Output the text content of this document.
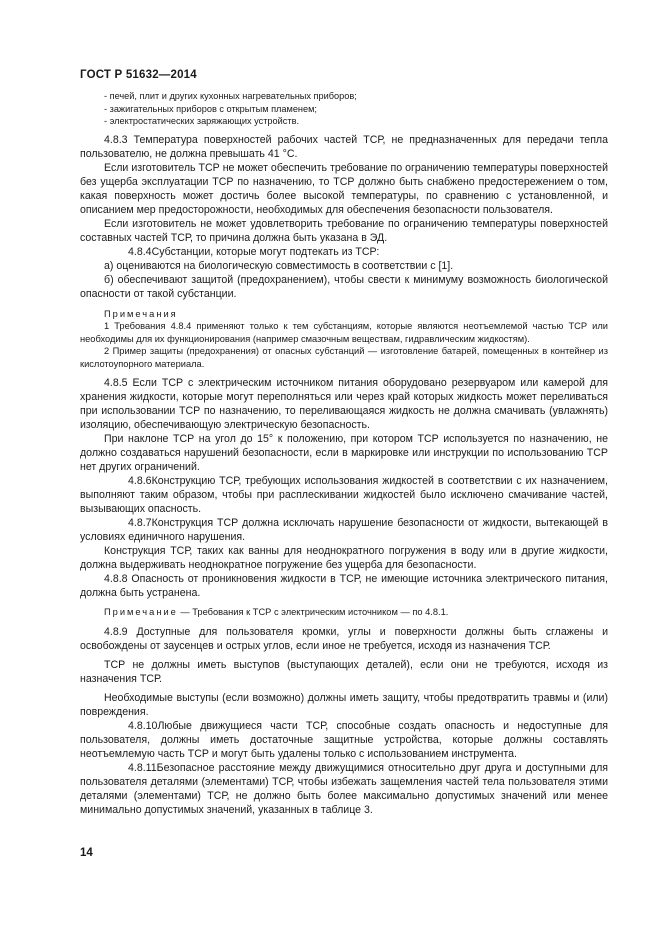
ГОСТ Р 51632—2014
- печей, плит и других кухонных нагревательных приборов;
- зажигательных приборов с открытым пламенем;
- электростатических заряжающих устройств.

4.8.3 Температура поверхностей рабочих частей ТСР, не предназначенных для передачи тепла пользователю, не должна превышать 41 °С.

Если изготовитель ТСР не может обеспечить требование по ограничению температуры поверхностей без ущерба эксплуатации ТСР по назначению, то ТСР должно быть снабжено предостережением о том, какая поверхность может достичь более высокой температуры, по сравнению с установленной, и описанием мер предосторожности, необходимых для обеспечения безопасности пользователя.

Если изготовитель не может удовлетворить требование по ограничению температуры поверхностей составных частей ТСР, то причина должна быть указана в ЭД.

4.8.4Субстанции, которые могут подтекать из ТСР:

а) оцениваются на биологическую совместимость в соответствии с [1].

б) обеспечивают защитой (предохранением), чтобы свести к минимуму возможность биологической опасности от такой субстанции.

Примечания

1 Требования 4.8.4 применяют только к тем субстанциям, которые являются неотъемлемой частью ТСР или необходимы для их функционирования (например смазочным веществам, гидравлическим жидкостям).

2 Пример защиты (предохранения) от опасных субстанций — изготовление батарей, помещенных в контейнер из кислотоупорного материала.

4.8.5 Если ТСР с электрическим источником питания оборудовано резервуаром или камерой для хранения жидкости, которые могут переполняться или через край которых жидкость может переливаться при использовании ТСР по назначению, то переливающаяся жидкость не должна смачивать (увлажнять) изоляцию, обеспечивающую электрическую безопасность.

При наклоне ТСР на угол до 15° к положению, при котором ТСР используется по назначению, не должно создаваться нарушений безопасности, если в маркировке или инструкции по использованию ТСР нет других ограничений.

4.8.6Конструкцию ТСР, требующих использования жидкостей в соответствии с их назначением, выполняют таким образом, чтобы при расплескивании жидкостей было исключено смачивание частей, вызывающих опасность.

4.8.7Конструкция ТСР должна исключать нарушение безопасности от жидкости, вытекающей в условиях единичного нарушения.

Конструкция ТСР, таких как ванны для неоднократного погружения в воду или в другие жидкости, должна выдерживать неоднократное погружение без ущерба для безопасности.

4.8.8 Опасность от проникновения жидкости в ТСР, не имеющие источника электрического питания, должна быть устранена.

Примечание — Требования к ТСР с электрическим источником — по 4.8.1.

4.8.9 Доступные для пользователя кромки, углы и поверхности должны быть сглажены и освобождены от заусенцев и острых углов, если иное не требуется, исходя из назначения ТСР.

ТСР не должны иметь выступов (выступающих деталей), если они не требуются, исходя из назначения ТСР.

Необходимые выступы (если возможно) должны иметь защиту, чтобы предотвратить травмы и (или) повреждения.

4.8.10Любые движущиеся части ТСР, способные создать опасность и недоступные для пользователя, должны иметь достаточные защитные устройства, которые должны составлять неотъемлемую часть ТСР и могут быть удалены только с использованием инструмента.

4.8.11Безопасное расстояние между движущимися относительно друг друга и доступными для пользователя деталями (элементами) ТСР, чтобы избежать защемления частей тела пользователя этими деталями (элементами) ТСР, не должно быть более максимально допустимых значений или менее минимально допустимых значений, указанных в таблице 3.

14
